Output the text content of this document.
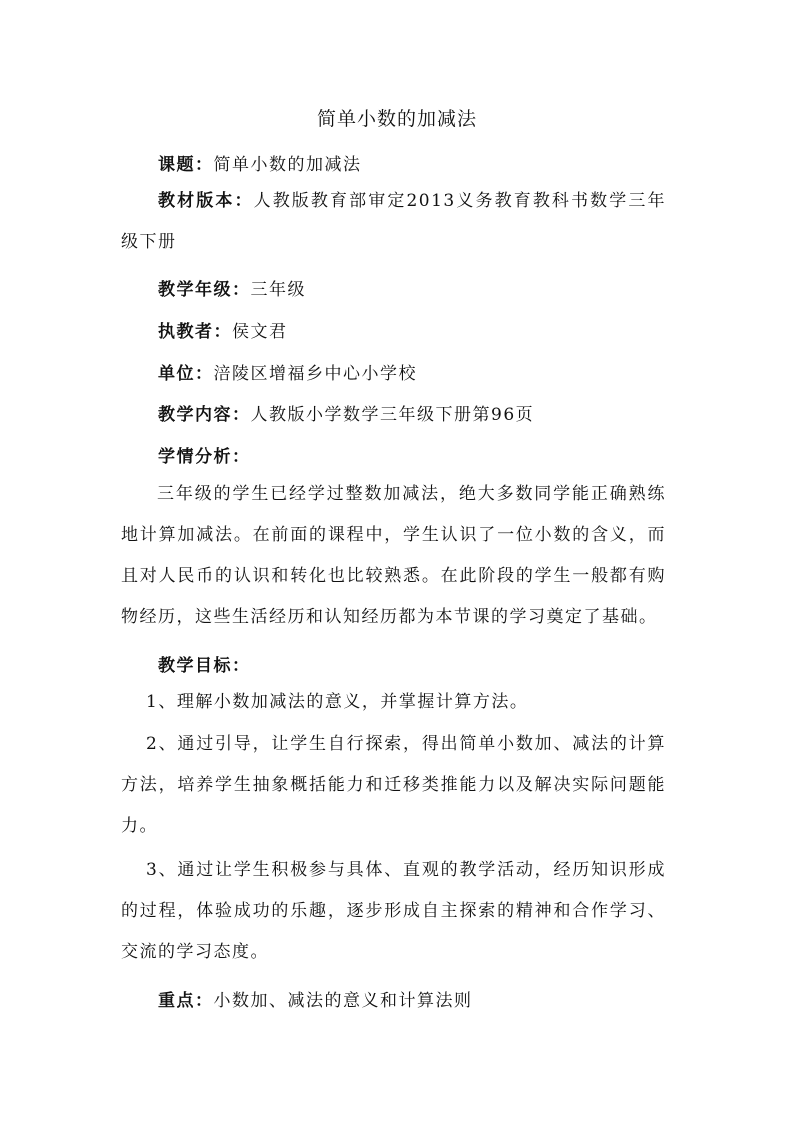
简单小数的加减法
课题：简单小数的加减法
教材版本：人教版教育部审定2013义务教育教科书数学三年级下册
教学年级：三年级
执教者：侯文君
单位：涪陵区增福乡中心小学校
教学内容：人教版小学数学三年级下册第96页
学情分析：
三年级的学生已经学过整数加减法，绝大多数同学能正确熟练地计算加减法。在前面的课程中，学生认识了一位小数的含义，而且对人民币的认识和转化也比较熟悉。在此阶段的学生一般都有购物经历，这些生活经历和认知经历都为本节课的学习奠定了基础。
教学目标：
1、理解小数加减法的意义，并掌握计算方法。
2、通过引导，让学生自行探索，得出简单小数加、减法的计算方法，培养学生抽象概括能力和迁移类推能力以及解决实际问题能力。
3、通过让学生积极参与具体、直观的教学活动，经历知识形成的过程，体验成功的乐趣，逐步形成自主探索的精神和合作学习、交流的学习态度。
重点：小数加、减法的意义和计算法则
